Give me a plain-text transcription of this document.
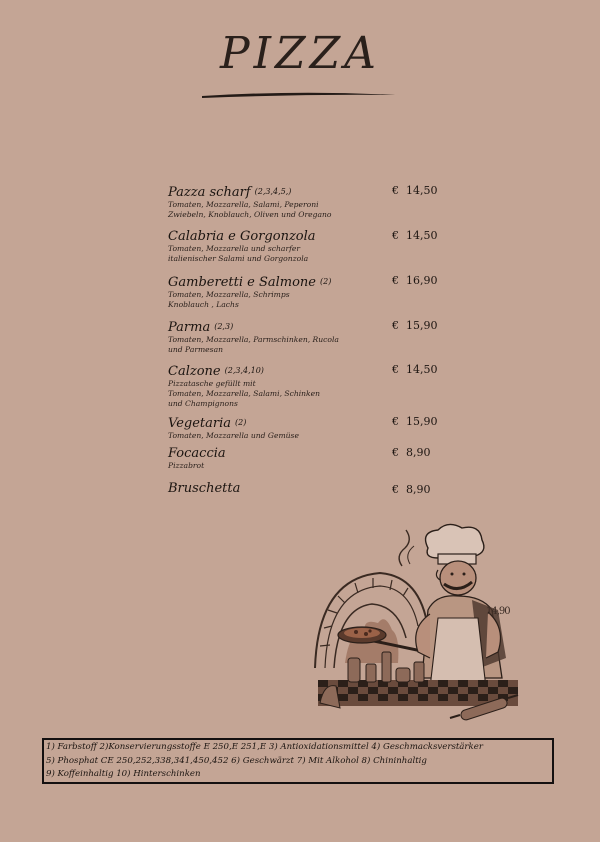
PIZZA
Pazza scharf (2,3,4,5,)
Tomaten, Mozzarella, Salami, Peperoni
Zwiebeln, Knoblauch, Oliven und Oregano
€ 14,50
Calabria e Gorgonzola
Tomaten, Mozzarella und scharfer
italienischer Salami und Gorgonzola
€ 14,50
Gamberetti e Salmone (2)
Tomaten, Mozzarella, Schrimps
Knoblauch , Lachs
€ 16,90
Parma (2,3)
Tomaten, Mozzarella, Parmschinken, Rucola
und Parmesan
€ 15,90
Calzone (2,3,4,10)
Pizzatasche gefüllt mit
Tomaten, Mozzarella, Salami, Schinken
und Champignons
€ 14,50
Vegetaria (2)
Tomaten, Mozzarella und Gemüse
€ 15,90
Focaccia
Pizzabrot
€ 8,90
Bruschetta	€ 8,90
14,90
1) Farbstoff 2)Konservierungsstoffe E 250,E 251,E 3) Antioxidationsmittel 4) Geschmacksverstärker
5) Phosphat CE 250,252,338,341,450,452 6) Geschwärzt 7) Mit Alkohol 8) Chininhaltig
9) Koffeinhaltig 10) Hinterschinken
